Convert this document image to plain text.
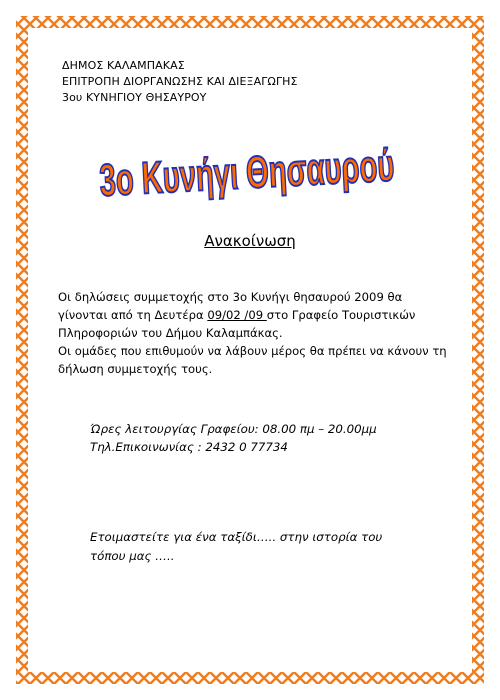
ΔΗΜΟΣ ΚΑΛΑΜΠΑΚΑΣ
ΕΠΙΤΡΟΠΗ ΔΙΟΡΓΑΝΩΣΗΣ ΚΑΙ ΔΙΕΞΑΓΩΓΗΣ
3ου ΚΥΝΗΓΙΟΥ ΘΗΣΑΥΡΟΥ
3ο Κυνήγι Θησαυρού
Ανακοίνωση

Οι δηλώσεις συμμετοχής στο 3ο Κυνήγι θησαυρού 2009 θα γίνονται από τη Δευτέρα 09/02 /09 στο Γραφείο Τουριστικών Πληροφοριών του Δήμου Καλαμπάκας.

Οι ομάδες που επιθυμούν να λάβουν μέρος θα πρέπει να κάνουν τη δήλωση συμμετοχής τους.

Ώρες λειτουργίας Γραφείου: 08.00 πμ – 20.00μμ
Τηλ.Επικοινωνίας : 2432 0 77734
Ετοιμαστείτε για ένα ταξίδι….. στην ιστορία του τόπου μας …..
